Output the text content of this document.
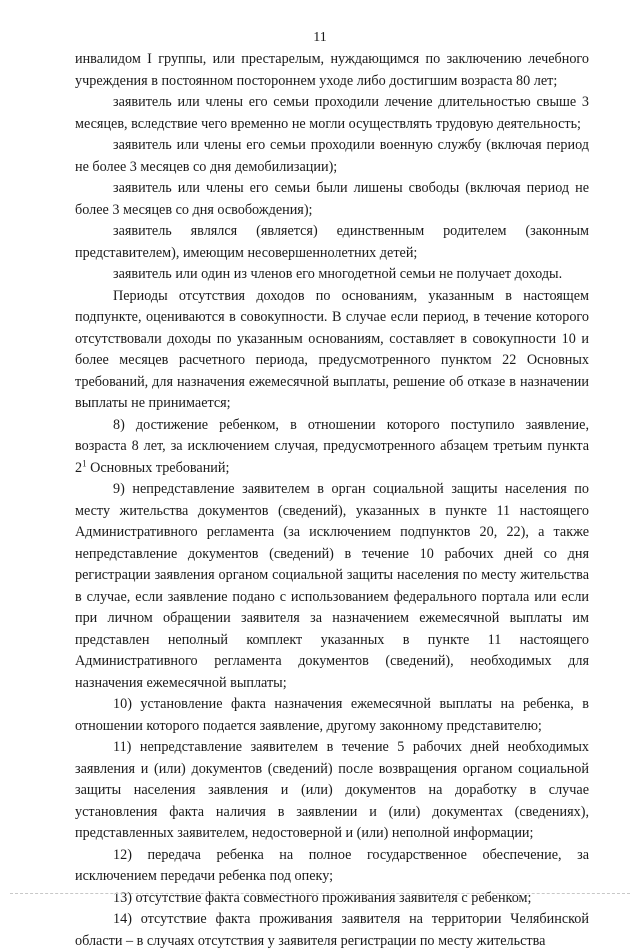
11

инвалидом I группы, или престарелым, нуждающимся по заключению лечебного учреждения в постоянном постороннем уходе либо достигшим возраста 80 лет;

заявитель или члены его семьи проходили лечение длительностью свыше 3 месяцев, вследствие чего временно не могли осуществлять трудовую деятельность;

заявитель или члены его семьи проходили военную службу (включая период не более 3 месяцев со дня демобилизации);

заявитель или члены его семьи были лишены свободы (включая период не более 3 месяцев со дня освобождения);

заявитель являлся (является) единственным родителем (законным представителем), имеющим несовершеннолетних детей;

заявитель или один из членов его многодетной семьи не получает доходы.

Периоды отсутствия доходов по основаниям, указанным в настоящем подпункте, оцениваются в совокупности. В случае если период, в течение которого отсутствовали доходы по указанным основаниям, составляет в совокупности 10 и более месяцев расчетного периода, предусмотренного пунктом 22 Основных требований, для назначения ежемесячной выплаты, решение об отказе в назначении выплаты не принимается;

8) достижение ребенком, в отношении которого поступило заявление, возраста 8 лет, за исключением случая, предусмотренного абзацем третьим пункта $2^1$ Основных требований;

9) непредставление заявителем в орган социальной защиты населения по месту жительства документов (сведений), указанных в пункте 11 настоящего Административного регламента (за исключением подпунктов 20, 22), а также непредставление документов (сведений) в течение 10 рабочих дней со дня регистрации заявления органом социальной защиты населения по месту жительства в случае, если заявление подано с использованием федерального портала или если при личном обращении заявителя за назначением ежемесячной выплаты им представлен неполный комплект указанных в пункте 11 настоящего Административного регламента документов (сведений), необходимых для назначения ежемесячной выплаты;

10) установление факта назначения ежемесячной выплаты на ребенка, в отношении которого подается заявление, другому законному представителю;

11) непредставление заявителем в течение 5 рабочих дней необходимых заявления и (или) документов (сведений) после возвращения органом социальной защиты населения заявления и (или) документов на доработку в случае установления факта наличия в заявлении и (или) документах (сведениях), представленных заявителем, недостоверной и (или) неполной информации;

12) передача ребенка на полное государственное обеспечение, за исключением передачи ребенка под опеку;

13) отсутствие факта совместного проживания заявителя с ребенком;

14) отсутствие факта проживания заявителя на территории Челябинской области – в случаях отсутствия у заявителя регистрации по месту жительства
